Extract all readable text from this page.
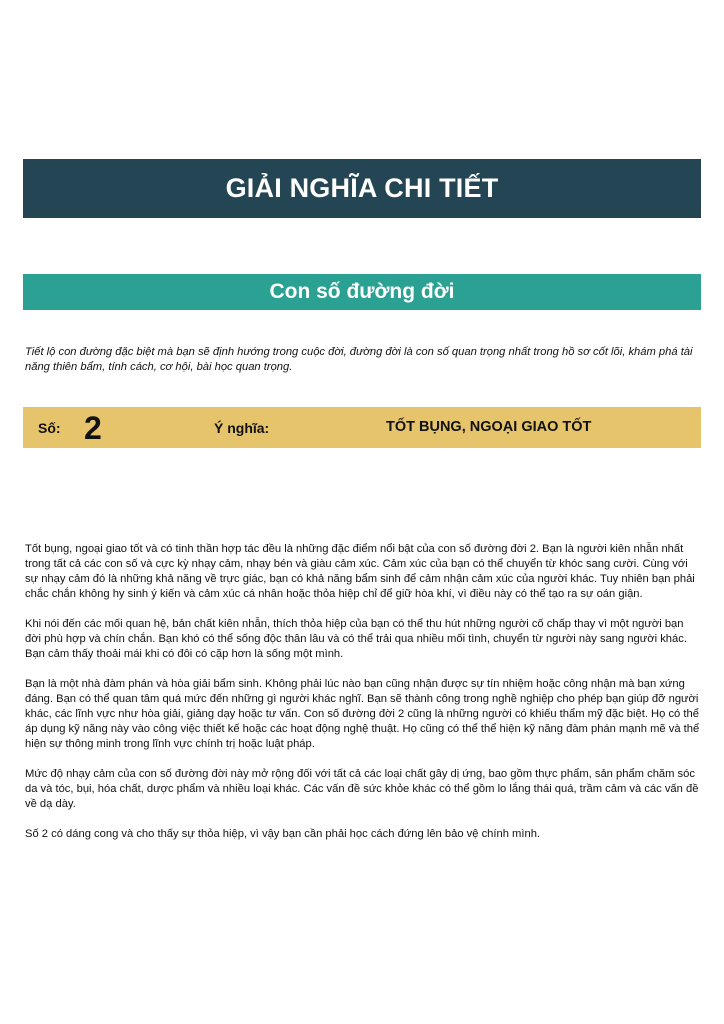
GIẢI NGHĨA CHI TIẾT
Con số đường đời

Tiết lộ con đường đặc biệt mà bạn sẽ định hướng trong cuộc đời, đường đời là con số quan trọng nhất trong hồ sơ cốt lõi, khám phá tài năng thiên bẩm, tính cách, cơ hội, bài học quan trọng.

Số: 2	Ý nghĩa:	TỐT BỤNG, NGOẠI GIAO TỐT

Tốt bụng, ngoại giao tốt và có tinh thần hợp tác đều là những đặc điểm nổi bật của con số đường đời 2. Bạn là người kiên nhẫn nhất trong tất cả các con số và cực kỳ nhạy cảm, nhạy bén và giàu cảm xúc. Cảm xúc của bạn có thể chuyển từ khóc sang cười. Cùng với sự nhạy cảm đó là những khả năng về trực giác, bạn có khả năng bẩm sinh để cảm nhận cảm xúc của người khác. Tuy nhiên bạn phải chắc chắn không hy sinh ý kiến và cảm xúc cá nhân hoặc thỏa hiệp chỉ để giữ hòa khí, vì điều này có thể tạo ra sự oán giận.

Khi nói đến các mối quan hệ, bản chất kiên nhẫn, thích thỏa hiệp của bạn có thể thu hút những người cố chấp thay vì một người bạn đời phù hợp và chín chắn. Bạn khó có thể sống độc thân lâu và có thể trải qua nhiều mối tình, chuyển từ người này sang người khác. Bạn cảm thấy thoải mái khi có đôi có cặp hơn là sống một mình.

Bạn là một nhà đàm phán và hòa giải bẩm sinh. Không phải lúc nào bạn cũng nhận được sự tín nhiệm hoặc công nhận mà bạn xứng đáng. Bạn có thể quan tâm quá mức đến những gì người khác nghĩ. Bạn sẽ thành công trong nghề nghiệp cho phép bạn giúp đỡ người khác, các lĩnh vực như hòa giải, giảng dạy hoặc tư vấn. Con số đường đời 2 cũng là những người có khiếu thẩm mỹ đặc biệt. Họ có thể áp dụng kỹ năng này vào công việc thiết kế hoặc các hoạt động nghệ thuật. Họ cũng có thể thể hiện kỹ năng đàm phán mạnh mẽ và thể hiện sự thông minh trong lĩnh vực chính trị hoặc luật pháp.

Mức độ nhạy cảm của con số đường đời này mở rộng đối với tất cả các loại chất gây dị ứng, bao gồm thực phẩm, sản phẩm chăm sóc da và tóc, bụi, hóa chất, dược phẩm và nhiều loại khác. Các vấn đề sức khỏe khác có thể gồm lo lắng thái quá, trầm cảm và các vấn đề về dạ dày.

Số 2 có dáng cong và cho thấy sự thỏa hiệp, vì vậy bạn cần phải học cách đứng lên bảo vệ chính mình.
